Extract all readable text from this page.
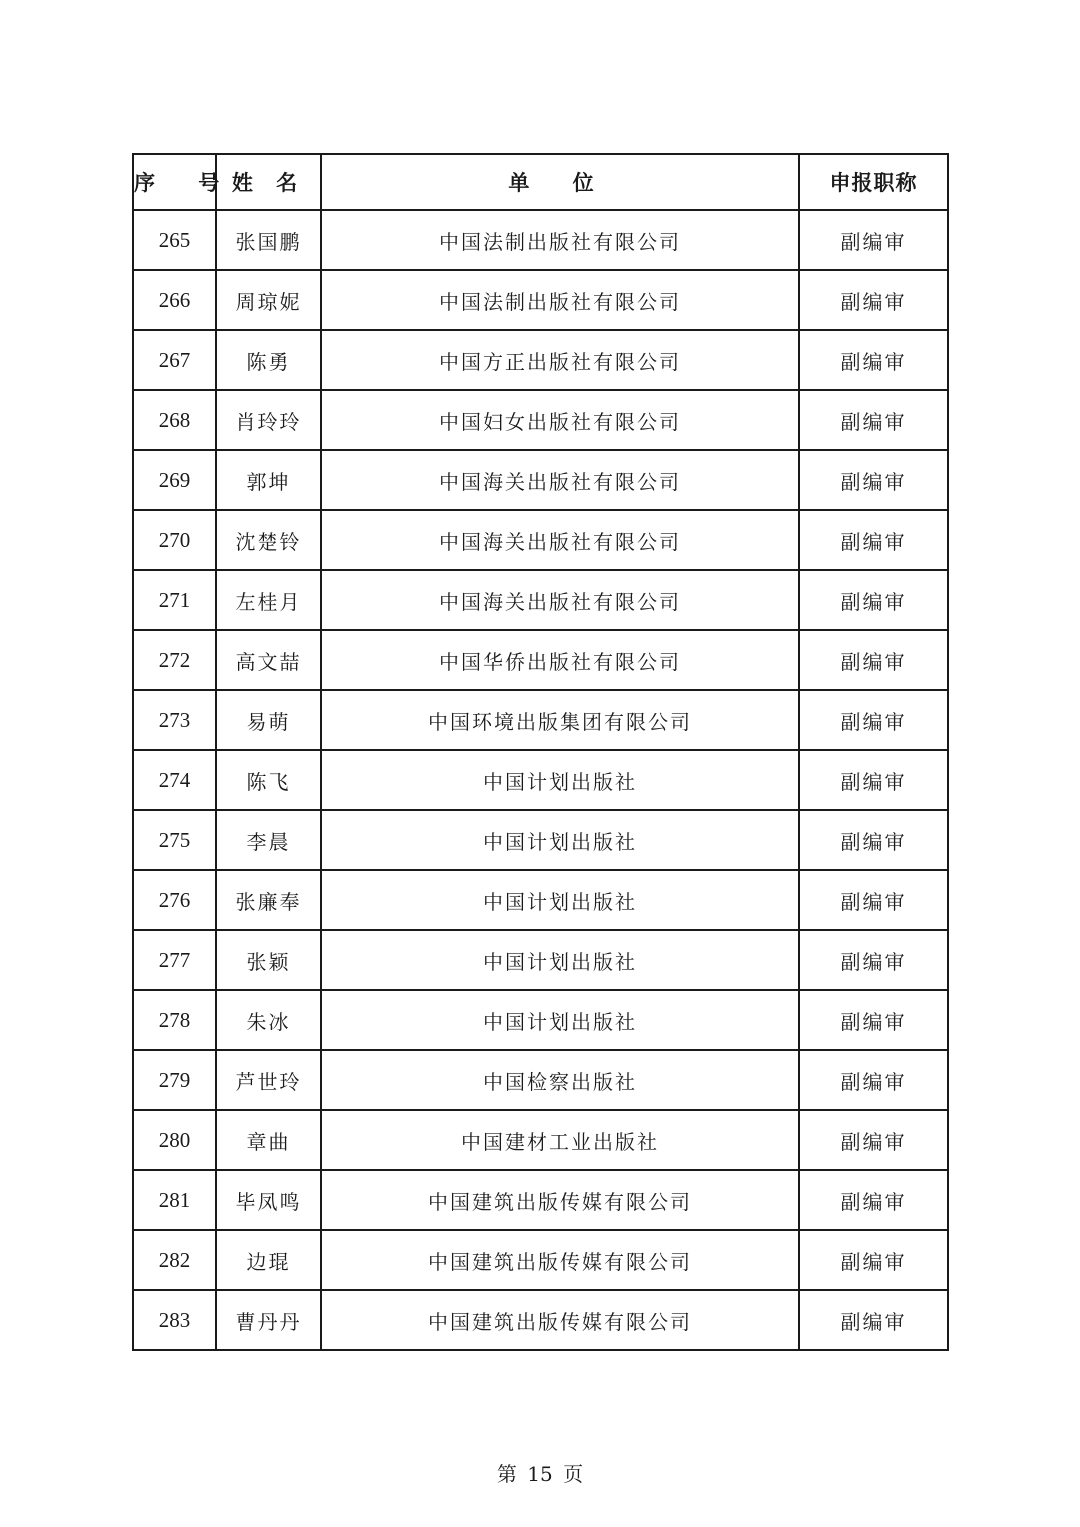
序 号	姓 名	单 位	申报职称
265	张国鹏	中国法制出版社有限公司	副编审
266	周琼妮	中国法制出版社有限公司	副编审
267	陈勇	中国方正出版社有限公司	副编审
268	肖玲玲	中国妇女出版社有限公司	副编审
269	郭坤	中国海关出版社有限公司	副编审
270	沈楚铃	中国海关出版社有限公司	副编审
271	左桂月	中国海关出版社有限公司	副编审
272	高文喆	中国华侨出版社有限公司	副编审
273	易萌	中国环境出版集团有限公司	副编审
274	陈飞	中国计划出版社	副编审
275	李晨	中国计划出版社	副编审
276	张廉奉	中国计划出版社	副编审
277	张颖	中国计划出版社	副编审
278	朱冰	中国计划出版社	副编审
279	芦世玲	中国检察出版社	副编审
280	章曲	中国建材工业出版社	副编审
281	毕凤鸣	中国建筑出版传媒有限公司	副编审
282	边琨	中国建筑出版传媒有限公司	副编审
283	曹丹丹	中国建筑出版传媒有限公司	副编审
第 15 页
